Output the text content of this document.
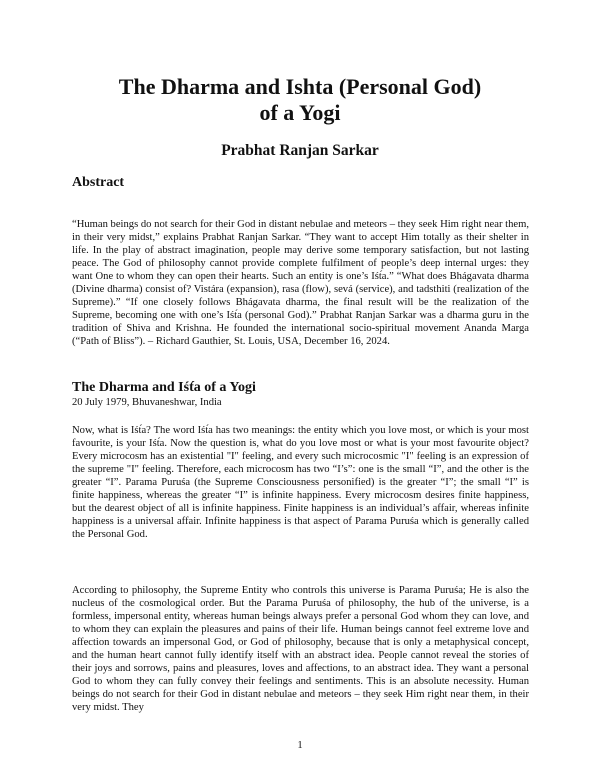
The Dharma and Ishta (Personal God)
of a Yogi

Prabhat Ranjan Sarkar

Abstract

“Human beings do not search for their God in distant nebulae and meteors – they seek Him right near them, in their very midst,” explains Prabhat Ranjan Sarkar. “They want to accept Him totally as their shelter in life. In the play of abstract imagination, people may derive some temporary satisfaction, but not lasting peace. The God of philosophy cannot provide complete fulfilment of people’s deep internal urges: they want One to whom they can open their hearts. Such an entity is one’s Iśt́a.” “What does Bhágavata dharma (Divine dharma) consist of? Vistára (expansion), rasa (flow), sevá (service), and tadsthiti (realization of the Supreme).” “If one closely follows Bhágavata dharma, the final result will be the realization of the Supreme, becoming one with one’s Iśt́a (personal God).” Prabhat Ranjan Sarkar was a dharma guru in the tradition of Shiva and Krishna. He founded the international socio-spiritual movement Ananda Marga (“Path of Bliss”). – Richard Gauthier, St. Louis, USA, December 16, 2024.

The Dharma and Iśt́a of a Yogi

20 July 1979, Bhuvaneshwar, India

Now, what is Iśt́a? The word Iśt́a has two meanings: the entity which you love most, or which is your most favourite, is your Iśt́a. Now the question is, what do you love most or what is your most favourite object? Every microcosm has an existential "I" feeling, and every such microcosmic "I" feeling is an expression of the supreme "I" feeling. Therefore, each microcosm has two “I’s”: one is the small “I”, and the other is the greater “I”. Parama Puruśa (the Supreme Consciousness personified) is the greater “I”; the small “I” is finite happiness, whereas the greater “I” is infinite happiness. Every microcosm desires finite happiness, but the dearest object of all is infinite happiness. Finite happiness is an individual’s affair, whereas infinite happiness is a universal affair. Infinite happiness is that aspect of Parama Puruśa which is generally called the Personal God.

According to philosophy, the Supreme Entity who controls this universe is Parama Puruśa; He is also the nucleus of the cosmological order. But the Parama Puruśa of philosophy, the hub of the universe, is a formless, impersonal entity, whereas human beings always prefer a personal God whom they can love, and to whom they can explain the pleasures and pains of their life. Human beings cannot feel extreme love and affection towards an impersonal God, or God of philosophy, because that is only a metaphysical concept, and the human heart cannot fully identify itself with an abstract idea. People cannot reveal the stories of their joys and sorrows, pains and pleasures, loves and affections, to an abstract idea. They want a personal God to whom they can fully convey their feelings and sentiments. This is an absolute necessity. Human beings do not search for their God in distant nebulae and meteors – they seek Him right near them, in their very midst. They

1
